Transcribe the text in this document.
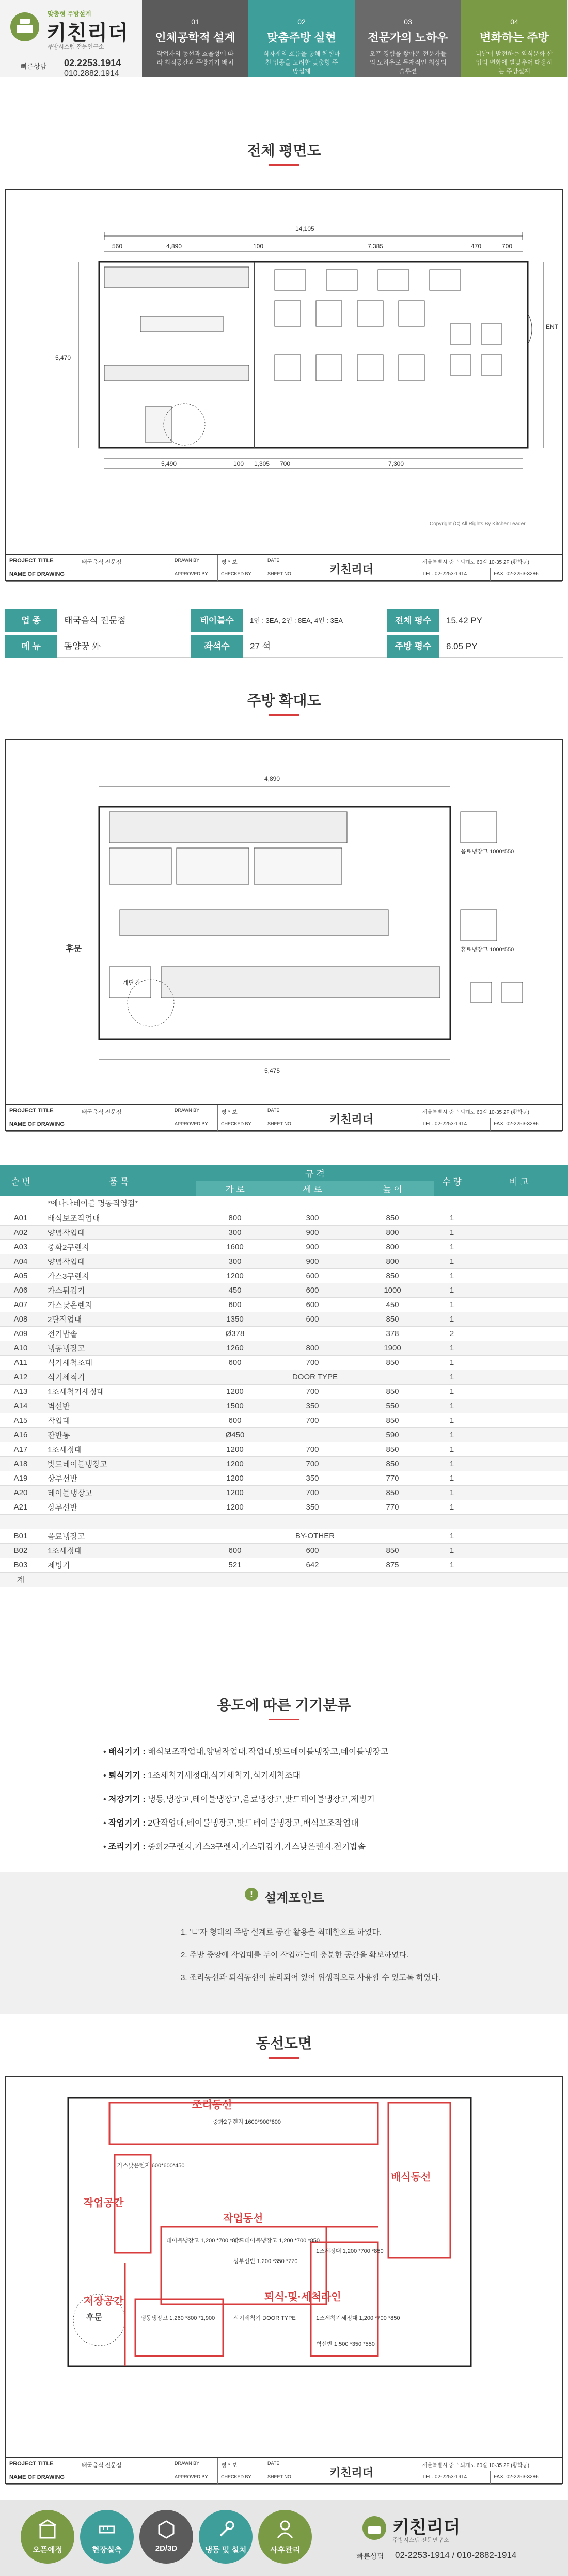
맞춤형 주방설계
키친리더
주방시스템 전문연구소
빠른상담 02.2253.1914
010.2882.1914
01
인체공학적 설계
작업자의 동선과 효율성에 따라 최적공간과 주방기기 배치
02
맞춤주방 실현
식자재의 흐름을 통해 체험마친 업종을 고려한 맞춤형 주방설계
03
전문가의 노하우
오픈 경험을 쌓아온 전문가들의 노하우로 독재적인 최상의 솔루션
04
변화하는 주방
나날이 발전하는 외식문화 산업의 변화에 발맞추어 대응하는 주방설계
전체 평면도
14,105
560	4,890	100	7,385	470	700
5,490	100 1,305 700	7,300
5,470
ENT
Copyright (C) All Rights By KitchenLeader
PROJECT TITLE	태국음식 전문점	DRAWN BY	평 * 보	DATE
키친리더
서울특별시 중구 퇴계로 60길 10-35 2F (황학동)
NAME OF DRAWING	APPROVED BY	CHECKED BY	SHEET NO	TEL. 02-2253-1914	FAX. 02-2253-3286
업 종	태국음식 전문점	테이블수	1인 : 3EA, 2인 : 8EA, 4인 : 3EA	전체 평수	15.42 PY
메 뉴	똠양꿍 外	좌석수	27 석	주방 평수	6.05 PY
주방 확대도
4,890
5,475
후문
계단기
음료냉장고 1000*550
휴료냉장고 1000*550
PROJECT TITLE	태국음식 전문점	DRAWN BY	평 * 보	DATE
키친리더
서울특별시 중구 퇴계로 60길 10-35 2F (황학동)
NAME OF DRAWING	APPROVED BY	CHECKED BY	SHEET NO	TEL. 02-2253-1914	FAX. 02-2253-3286
순 번	품 목	규 격			수 량	비 고
		가 로	세 로	높 이		
	*에나나테이블 명동직영점*					
A01	배식보조작업대	800	300	850	1	
A02	양념작업대	300	900	800	1	
A03	중화2구렌지	1600	900	800	1	
A04	양념작업대	300	900	800	1	
A05	가스3구렌지	1200	600	850	1	
A06	가스튀김기	450	600	1000	1	
A07	가스낮은렌지	600	600	450	1	
A08	2단작업대	1350	600	850	1	
A09	전기밥솥	Ø378		378	2	
A10	냉동냉장고	1260	800	1900	1	
A11	식기세척조대	600	700	850	1	
A12	식기세척기	DOOR TYPE			1	
A13	1조세척기세정대	1200	700	850	1	
A14	벽선반	1500	350	550	1	
A15	작업대	600	700	850	1	
A16	잔반통	Ø450		590	1	
A17	1조세정대	1200	700	850	1	
A18	밧드테이블냉장고	1200	700	850	1	
A19	상부선반	1200	350	770	1	
A20	테이블냉장고	1200	700	850	1	
A21	상부선반	1200	350	770	1	

B01	음료냉장고	BY-OTHER			1	
B02	1조세정대	600	600	850	1	
B03	제빙기	521	642	875	1	
계						
용도에 따른 기기분류
• 배식기기 : 배식보조작업대,양념작업대,작업대,밧드테이블냉장고,테이블냉장고
• 퇴식기기 : 1조세척기세정대,식기세척기,식기세척조대
• 저장기기 : 냉동,냉장고,테이블냉장고,음료냉장고,밧드테이블냉장고,제빙기
• 작업기기 : 2단작업대,테이블냉장고,밧드테이블냉장고,배식보조작업대
• 조리기기 : 중화2구렌지,가스3구렌지,가스튀김기,가스낮은렌지,전기밥솥
! 설계포인트
1. 'ㄷ'자 형태의 주방 설계로 공간 활용을 최대한으로 하였다.
2. 주방 중앙에 작업대를 두어 작업하는데 충분한 공간을 확보하였다.
3. 조리동선과 퇴식동선이 분리되어 있어 위생적으로 사용할 수 있도록 하였다.
동선도면
조리동선
작업공간
작업동선
저장공간	퇴식·및·세척라인
배식동선
가스낮은렌지 600*600*450
중화2구렌지 1600*900*800
테이블냉장고 1,200 *700 *850
밧드테이블냉장고 1,200 *700 *850
1조세정대 1,200 *700 *850
상부선반 1,200 *350 *770
냉동냉장고 1,260 *800 *1,900	식기세척기 DOOR TYPE	1조세척기세정대 1,200 *700 *850
벽선반 1,500 *350 *550
후문
PROJECT TITLE	태국음식 전문점	DRAWN BY	평 * 보	DATE
키친리더
서울특별시 중구 퇴계로 60길 10-35 2F (황학동)
NAME OF DRAWING	APPROVED BY	CHECKED BY	SHEET NO	TEL. 02-2253-1914	FAX. 02-2253-3286
오픈예정	현장실측	2D/3D	냉동 및 설치	사후관리
키친리더
주방시스템 전문연구소
빠른상담 02-2253-1914 / 010-2882-1914
